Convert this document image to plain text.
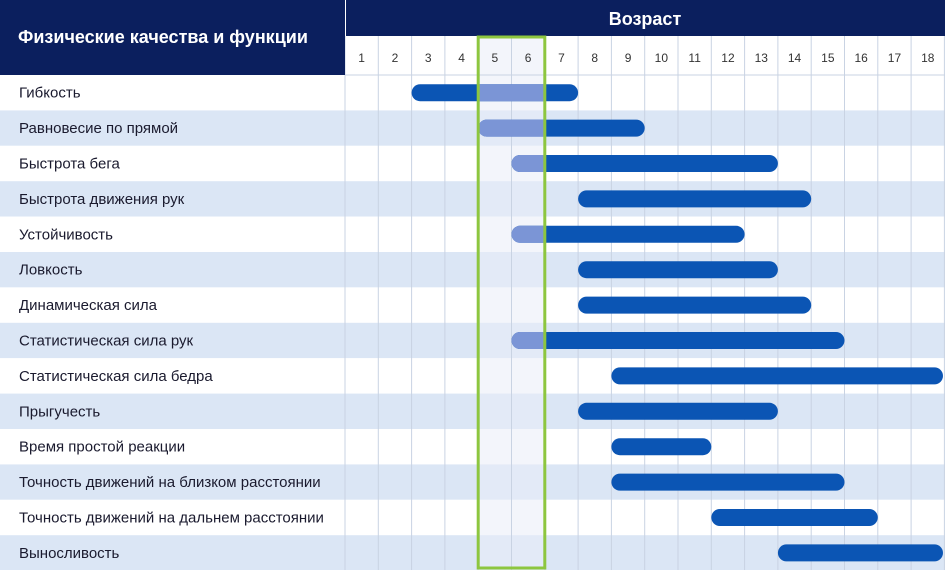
Физические качества и функции
Возраст
1 2 3 4 5 6 7 8 9 10 11 12 13 14 15 16 17 18
Гибкость
Равновесие по прямой
Быстрота бега
Быстрота движения рук
Устойчивость
Ловкость
Динамическая сила
Статистическая сила рук
Статистическая сила бедра
Прыгучесть
Время простой реакции
Точность движений на близком расстоянии
Точность движений на дальнем расстоянии
Выносливость
